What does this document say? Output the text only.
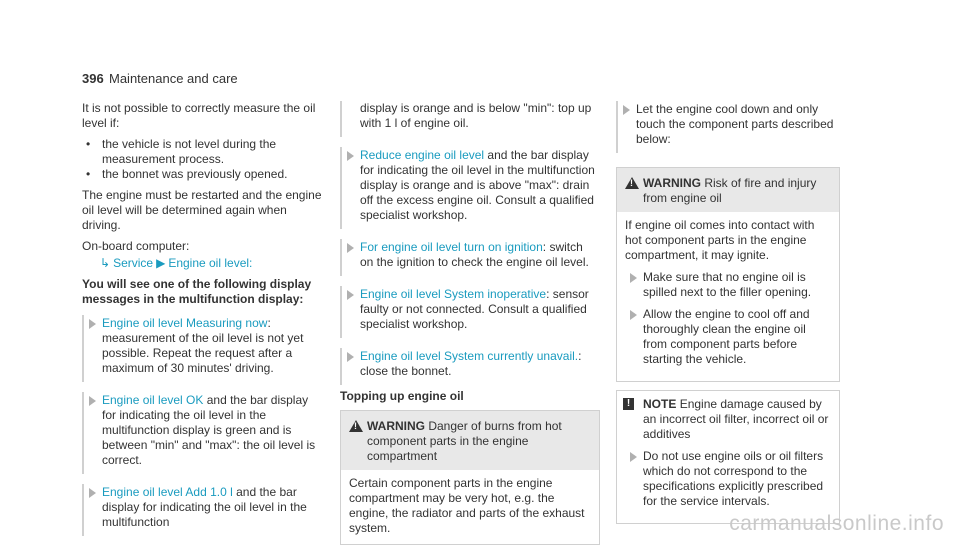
396 Maintenance and care

It is not possible to correctly measure the oil level if:

• the vehicle is not level during the measurement process.
• the bonnet was previously opened.

The engine must be restarted and the engine oil level will be determined again when driving.

On-board computer:

↳ Service ▶ Engine oil level:

You will see one of the following display messages in the multifunction display:

Engine oil level Measuring now: measurement of the oil level is not yet possible. Repeat the request after a maximum of 30 minutes' driving.
Engine oil level OK and the bar display for indicating the oil level in the multifunction display is green and is between "min" and "max": the oil level is correct.
Engine oil level Add 1.0 l and the bar display for indicating the oil level in the multifunction
display is orange and is below "min": top up with 1 l of engine oil.
Reduce engine oil level and the bar display for indicating the oil level in the multifunction display is orange and is above "max": drain off the excess engine oil. Consult a qualified specialist workshop.
For engine oil level turn on ignition: switch on the ignition to check the engine oil level.
Engine oil level System inoperative: sensor faulty or not connected. Consult a qualified specialist workshop.
Engine oil level System currently unavail.: close the bonnet.

Topping up engine oil

! WARNING Danger of burns from hot component parts in the engine compartment
Certain component parts in the engine compartment may be very hot, e.g. the engine, the radiator and parts of the exhaust system.
Let the engine cool down and only touch the component parts described below:
! WARNING Risk of fire and injury from engine oil

If engine oil comes into contact with hot component parts in the engine compartment, it may ignite.

Make sure that no engine oil is spilled next to the filler opening.
Allow the engine to cool off and thoroughly clean the engine oil from component parts before starting the vehicle.
!	NOTE Engine damage caused by an incorrect oil filter, incorrect oil or additives
Do not use engine oils or oil filters which do not correspond to the specifications explicitly prescribed for the service intervals.
carmanualsonline.info
